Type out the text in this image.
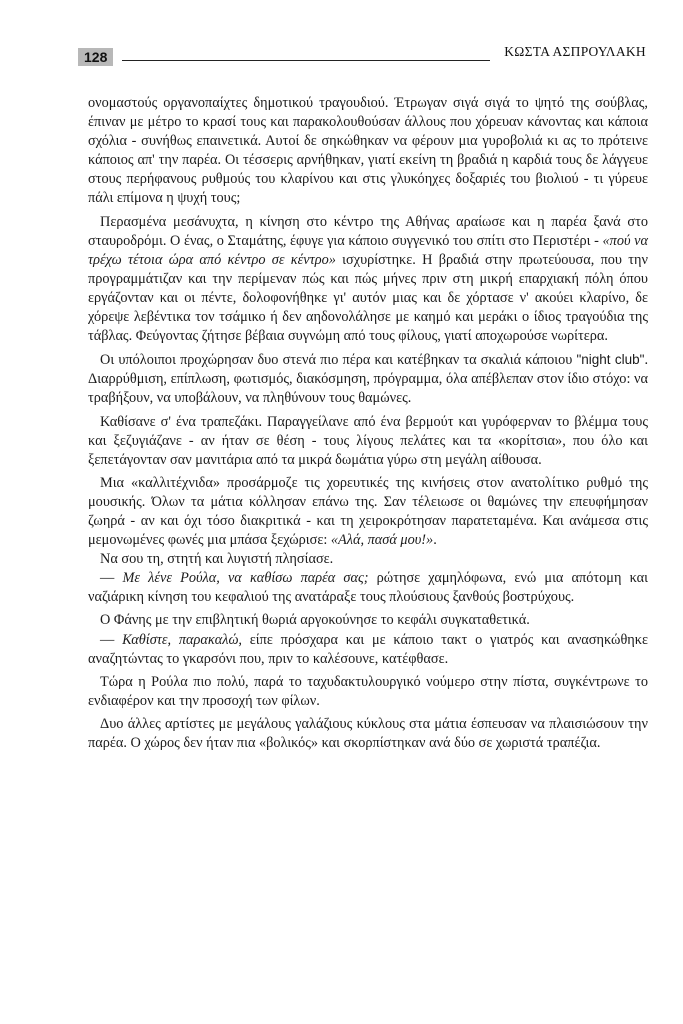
128	ΚΩΣΤΑ ΑΣΠΡΟΥΛΑΚΗ

ονομαστούς οργανοπαίχτες δημοτικού τραγουδιού. Έτρωγαν σιγά σιγά το ψητό της σούβλας, έπιναν με μέτρο το κρασί τους και παρακολουθούσαν άλλους που χόρευαν κάνοντας και κάποια σχόλια - συνήθως επαινετικά. Αυτοί δε σηκώθηκαν να φέρουν μια γυροβολιά κι ας το πρότεινε κάποιος απ' την παρέα. Οι τέσσερις αρνήθηκαν, γιατί εκείνη τη βραδιά η καρδιά τους δε λάγγευε στους περήφανους ρυθμούς του κλαρίνου και στις γλυκόηχες δοξαριές του βιολιού - τι γύρευε πάλι επίμονα η ψυχή τους;

Περασμένα μεσάνυχτα, η κίνηση στο κέντρο της Αθήνας αραίωσε και η παρέα ξανά στο σταυροδρόμι. Ο ένας, ο Σταμάτης, έφυγε για κάποιο συγγενικό του σπίτι στο Περιστέρι - «πού να τρέχω τέτοια ώρα από κέντρο σε κέντρο» ισχυρίστηκε. Η βραδιά στην πρωτεύουσα, που την προγραμμάτιζαν και την περίμεναν πώς και πώς μήνες πριν στη μικρή επαρχιακή πόλη όπου εργάζονταν και οι πέντε, δολοφονήθηκε γι' αυτόν μιας και δε χόρτασε ν' ακούει κλαρίνο, δε χόρεψε λεβέντικα τον τσάμικο ή δεν αηδονολάλησε με καημό και μεράκι ο ίδιος τραγούδια της τάβλας. Φεύγοντας ζήτησε βέβαια συγνώμη από τους φίλους, γιατί αποχωρούσε νωρίτερα.

Οι υπόλοιποι προχώρησαν δυο στενά πιο πέρα και κατέβηκαν τα σκαλιά κάποιου "night club". Διαρρύθμιση, επίπλωση, φωτισμός, διακόσμηση, πρόγραμμα, όλα απέβλεπαν στον ίδιο στόχο: να τραβήξουν, να υποβάλουν, να πληθύνουν τους θαμώνες.

Καθίσανε σ' ένα τραπεζάκι. Παραγγείλανε από ένα βερμούτ και γυρόφερναν το βλέμμα τους και ξεζυγιάζανε - αν ήταν σε θέση - τους λίγους πελάτες και τα «κορίτσια», που όλο και ξεπετάγονταν σαν μανιτάρια από τα μικρά δωμάτια γύρω στη μεγάλη αίθουσα.

Μια «καλλιτέχνιδα» προσάρμοζε τις χορευτικές της κινήσεις στον ανατολίτικο ρυθμό της μουσικής. Όλων τα μάτια κόλλησαν επάνω της. Σαν τέλειωσε οι θαμώνες την επευφήμησαν ζωηρά - αν και όχι τόσο διακριτικά - και τη χειροκρότησαν παρατεταμένα. Και ανάμεσα στις μεμονωμένες φωνές μια μπάσα ξεχώρισε: «Αλά, πασά μου!».

Να σου τη, στητή και λυγιστή πλησίασε.

— Με λένε Ρούλα, να καθίσω παρέα σας; ρώτησε χαμηλόφωνα, ενώ μια απότομη και ναζιάρικη κίνηση του κεφαλιού της ανατάραξε τους πλούσιους ξανθούς βοστρύχους.

Ο Φάνης με την επιβλητική θωριά αργοκούνησε το κεφάλι συγκαταθετικά.

— Καθίστε, παρακαλώ, είπε πρόσχαρα και με κάποιο τακτ ο γιατρός και ανασηκώθηκε αναζητώντας το γκαρσόνι που, πριν το καλέσουνε, κατέφθασε.

Τώρα η Ρούλα πιο πολύ, παρά το ταχυδακτυλουργικό νούμερο στην πίστα, συγκέντρωνε το ενδιαφέρον και την προσοχή των φίλων.

Δυο άλλες αρτίστες με μεγάλους γαλάζιους κύκλους στα μάτια έσπευσαν να πλαισιώσουν την παρέα. Ο χώρος δεν ήταν πια «βολικός» και σκορπίστηκαν ανά δύο σε χωριστά τραπέζια.
